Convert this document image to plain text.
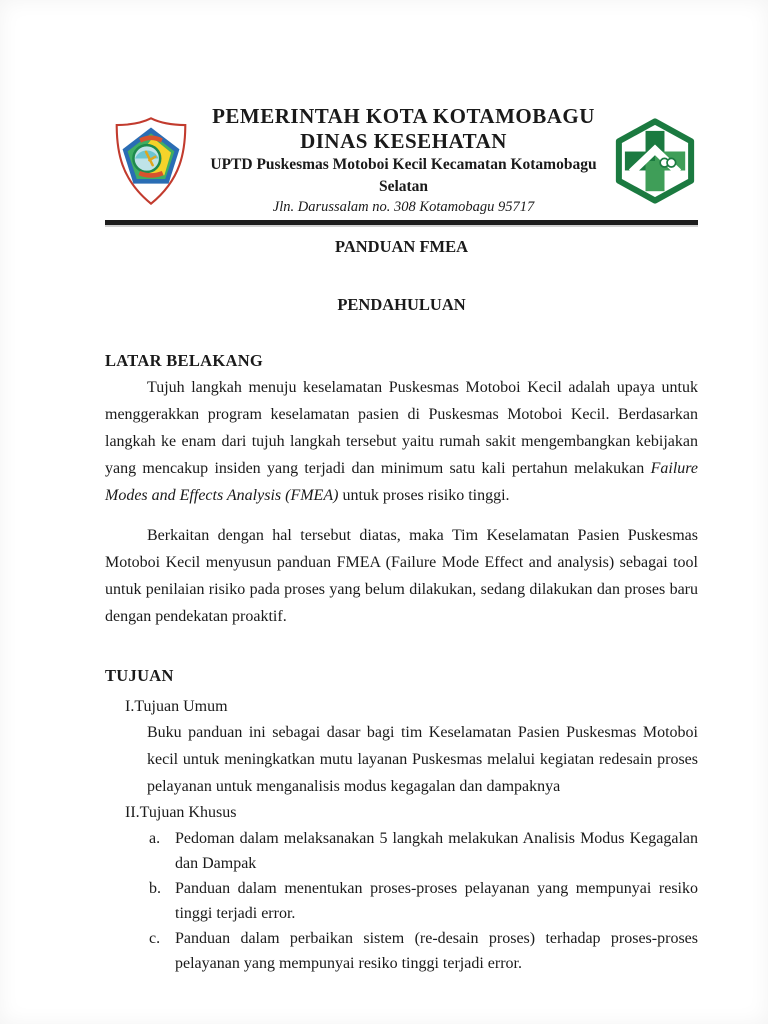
PEMERINTAH KOTA KOTAMOBAGU
DINAS KESEHATAN
UPTD Puskesmas Motoboi Kecil Kecamatan Kotamobagu Selatan
Jln. Darussalam no. 308 Kotamobagu 95717
PANDUAN FMEA
PENDAHULUAN
LATAR BELAKANG

Tujuh langkah menuju keselamatan Puskesmas Motoboi Kecil adalah upaya untuk menggerakkan program keselamatan pasien di Puskesmas Motoboi Kecil. Berdasarkan langkah ke enam dari tujuh langkah tersebut yaitu rumah sakit mengembangkan kebijakan yang mencakup insiden yang terjadi dan minimum satu kali pertahun melakukan Failure Modes and Effects Analysis (FMEA) untuk proses risiko tinggi.

Berkaitan dengan hal tersebut diatas, maka Tim Keselamatan Pasien Puskesmas Motoboi Kecil menyusun panduan FMEA (Failure Mode Effect and analysis) sebagai tool untuk penilaian risiko pada proses yang belum dilakukan, sedang dilakukan dan proses baru dengan pendekatan proaktif.

TUJUAN
I.Tujuan Umum
Buku panduan ini sebagai dasar bagi tim Keselamatan Pasien Puskesmas Motoboi kecil untuk meningkatkan mutu layanan Puskesmas melalui kegiatan redesain proses pelayanan untuk menganalisis modus kegagalan dan dampaknya
II.Tujuan Khusus
a. Pedoman dalam melaksanakan 5 langkah melakukan Analisis Modus Kegagalan dan Dampak
b. Panduan dalam menentukan proses-proses pelayanan yang mempunyai resiko tinggi terjadi error.
c. Panduan dalam perbaikan sistem (re-desain proses) terhadap proses-proses pelayanan yang mempunyai resiko tinggi terjadi error.
